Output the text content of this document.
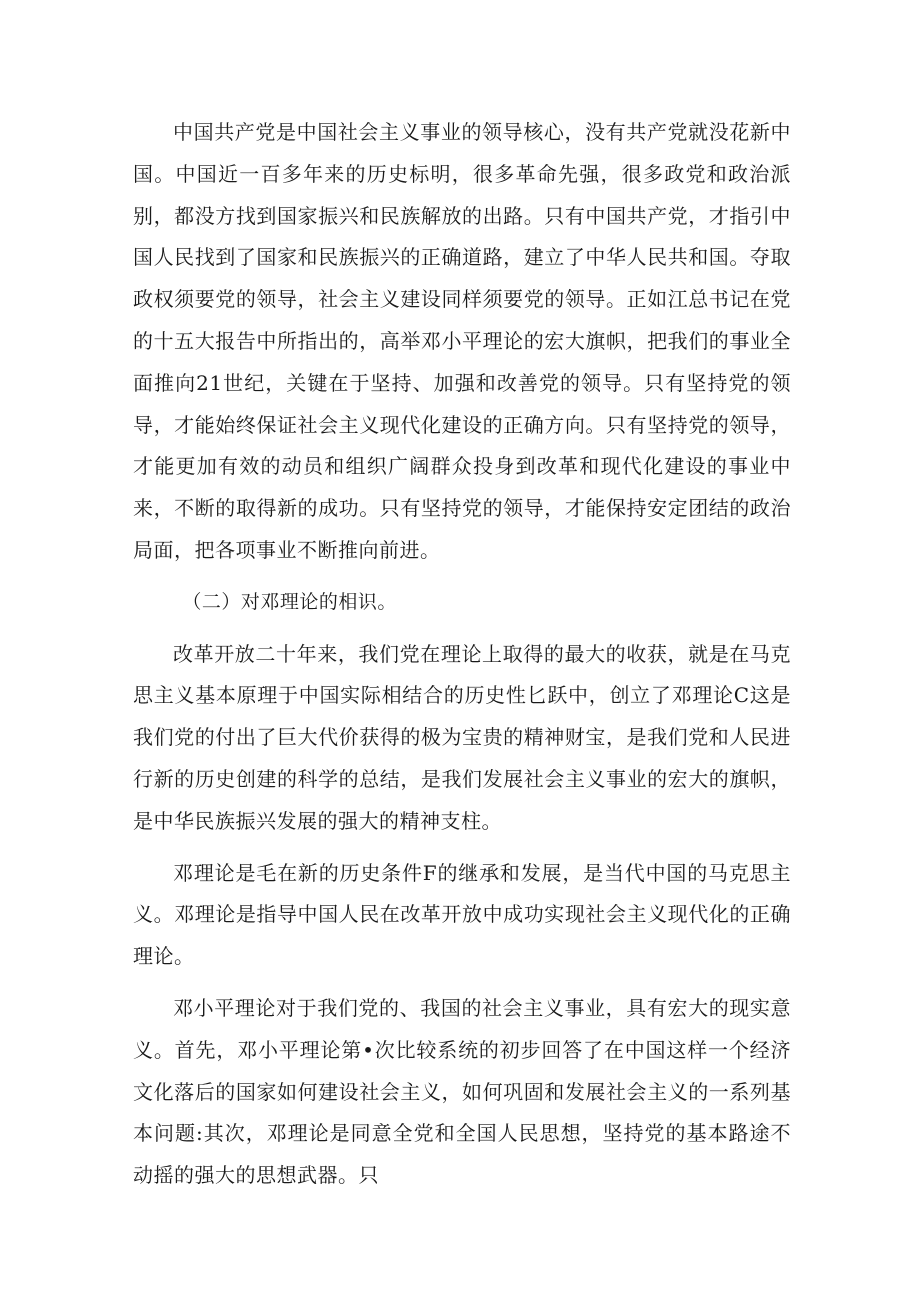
中国共产党是中国社会主义事业的领导核心，没有共产党就没花新中国。中国近一百多年来的历史标明，很多革命先强，很多政党和政治派别，都没方找到国家振兴和民族解放的出路。只有中国共产党，才指引中国人民找到了国家和民族振兴的正确道路，建立了中华人民共和国。夺取政权须要党的领导，社会主义建设同样须要党的领导。正如江总书记在党的十五大报告中所指出的，高举邓小平理论的宏大旗帜，把我们的事业全面推向21世纪，关键在于坚持、加强和改善党的领导。只有坚持党的领导，才能始终保证社会主义现代化建设的正确方向。只有坚持党的领导，才能更加有效的动员和组织广阔群众投身到改革和现代化建设的事业中来，不断的取得新的成功。只有坚持党的领导，才能保持安定团结的政治局面，把各项事业不断推向前进。

（二）对邓理论的相识。

改革开放二十年来，我们党在理论上取得的最大的收获，就是在马克思主义基本原理于中国实际相结合的历史性匕跃中，创立了邓理论C这是我们党的付出了巨大代价获得的极为宝贵的精神财宝，是我们党和人民进行新的历史创建的科学的总结，是我们发展社会主义事业的宏大的旗帜，是中华民族振兴发展的强大的精神支柱。

邓理论是毛在新的历史条件F的继承和发展，是当代中国的马克思主义。邓理论是指导中国人民在改革开放中成功实现社会主义现代化的正确理论。

邓小平理论对于我们党的、我国的社会主义事业，具有宏大的现实意义。首先，邓小平理论第•次比较系统的初步回答了在中国这样一个经济文化落后的国家如何建设社会主义，如何巩固和发展社会主义的一系列基本问题:其次，邓理论是同意全党和全国人民思想，坚持党的基本路途不动摇的强大的思想武器。只
